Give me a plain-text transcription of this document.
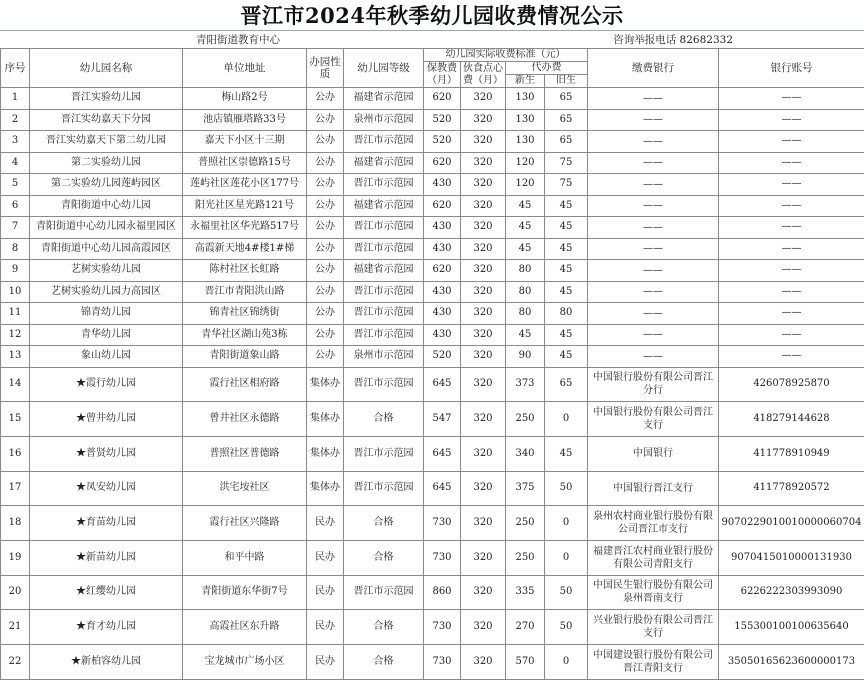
晋江市2024年秋季幼儿园收费情况公示
青阳街道教育中心	咨询举报电话 82682332
序号	幼儿园名称	单位地址	办园性质	幼儿园等级	幼儿园实际收费标准（元）				缴费银行	银行账号
					保教费（月）	伙食点心费（月）	代办费			
							新生	旧生		
1	晋江实验幼儿园	梅山路2号	公办	福建省示范园	620	320	130	65	——	——
2	晋江实幼嘉天下分园	池店镇雁塔路33号	公办	泉州市示范园	520	320	130	65	——	——
3	晋江实幼嘉天下第二幼儿园	嘉天下小区十三期	公办	晋江市示范园	520	320	130	65	——	——
4	第二实验幼儿园	普照社区崇德路15号	公办	福建省示范园	620	320	120	75	——	——
5	第二实验幼儿园莲屿园区	莲屿社区莲花小区177号	公办	晋江市示范园	430	320	120	75	——	——
6	青阳街道中心幼儿园	阳光社区星光路121号	公办	福建省示范园	620	320	45	45	——	——
7	青阳街道中心幼儿园永福里园区	永福里社区华光路517号	公办	晋江市示范园	430	320	45	45	——	——
8	青阳街道中心幼儿园高霞园区	高霞新天地4#楼1#梯	公办	晋江市示范园	430	320	45	45	——	——
9	艺树实验幼儿园	陈村社区长虹路	公办	福建省示范园	620	320	80	45	——	——
10	艺树实验幼儿园力高园区	晋江市青阳洪山路	公办	晋江市示范园	430	320	80	45	——	——
11	锦青幼儿园	锦青社区锦绣街	公办	晋江市示范园	430	320	80	80	——	——
12	青华幼儿园	青华社区湖山苑3栋	公办	晋江市示范园	430	320	45	45	——	——
13	象山幼儿园	青阳街道象山路	公办	泉州市示范园	520	320	90	45	——	——
14	★霞行幼儿园	霞行社区相府路	集体办	晋江市示范园	645	320	373	65	中国银行股份有限公司晋江分行	426078925870
15	★曾井幼儿园	曾井社区永德路	集体办	合格	547	320	250	0	中国银行股份有限公司晋江支行	418279144628
16	★普贤幼儿园	普照社区普德路	集体办	晋江市示范园	645	320	340	45	中国银行	411778910949
17	★凤安幼儿园	洪宅垵社区	集体办	晋江市示范园	645	320	375	50	中国银行晋江支行	411778920572
18	★育苗幼儿园	霞行社区兴隆路	民办	合格	730	320	250	0	泉州农村商业银行股份有限公司晋江市支行	9070229010010000060704
19	★新苗幼儿园	和平中路	民办	合格	730	320	250	0	福建晋江农村商业银行股份有限公司青阳支行	9070415010000131930
20	★红缨幼儿园	青阳街道东华街7号	民办	晋江市示范园	860	320	335	50	中国民生银行股份有限公司泉州晋南支行	6226222303993090
21	★育才幼儿园	高霞社区东升路	民办	合格	730	320	270	50	兴业银行股份有限公司晋江支行	155300100100635640
22	★新柏容幼儿园	宝龙城市广场小区	民办	合格	730	320	570	0	中国建设银行股份有限公司晋江青阳支行	35050165623600000173
